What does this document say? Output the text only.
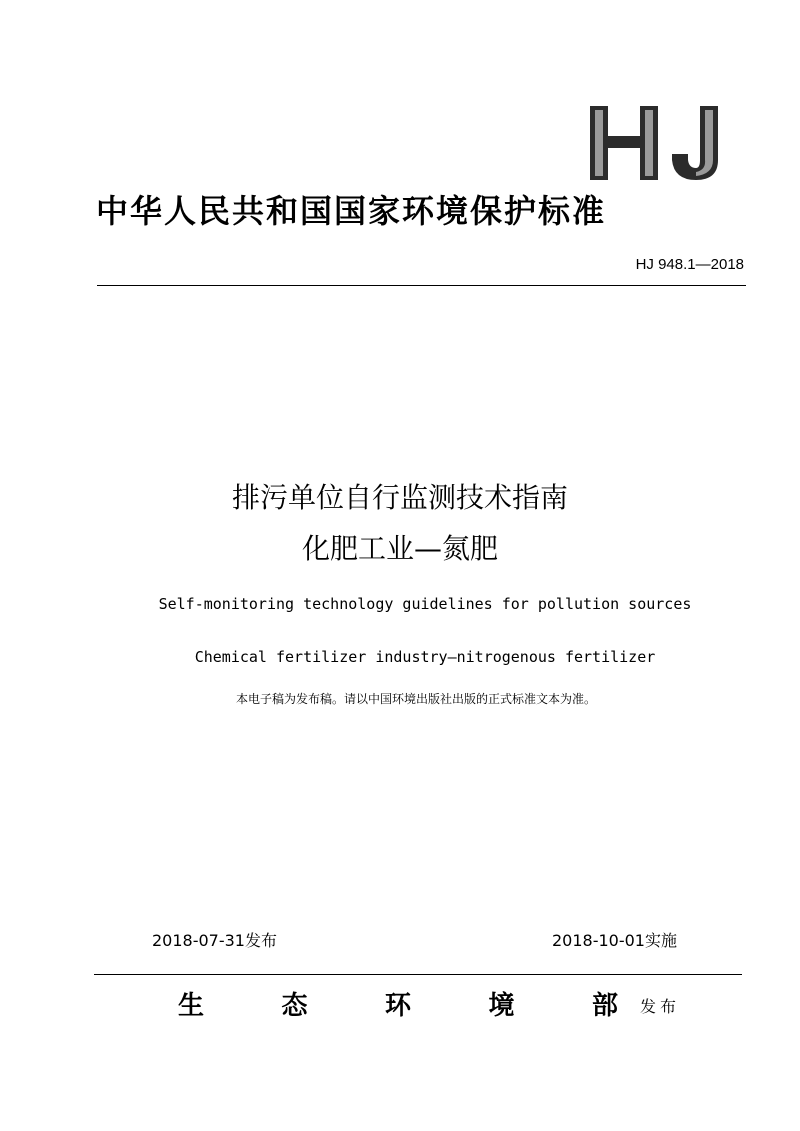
中华人民共和国国家环境保护标准
HJ 948.1—2018
排污单位自行监测技术指南
化肥工业—氮肥
Self-monitoring technology guidelines for pollution sources
Chemical fertilizer industry—nitrogenous fertilizer
本电子稿为发布稿。请以中国环境出版社出版的正式标准文本为准。
2018-07-31发布	2018-10-01实施
生	态	环	境	部 发布
